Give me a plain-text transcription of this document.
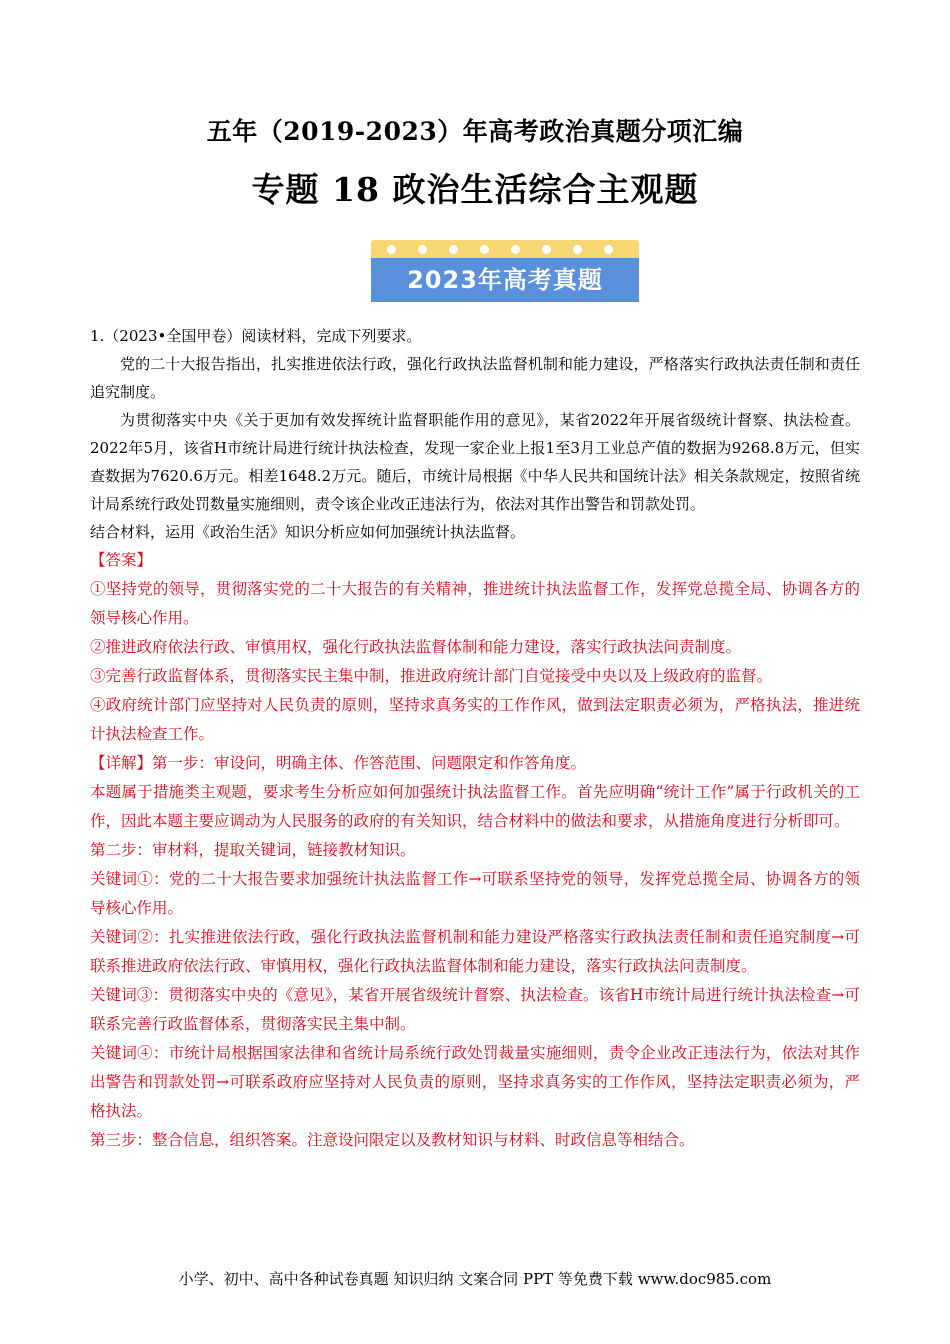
五年（2019-2023）年高考政治真题分项汇编
专题 18 政治生活综合主观题
2023年高考真题

1.（2023•全国甲卷）阅读材料，完成下列要求。

党的二十大报告指出，扎实推进依法行政，强化行政执法监督机制和能力建设，严格落实行政执法责任制和责任追究制度。

为贯彻落实中央《关于更加有效发挥统计监督职能作用的意见》，某省2022年开展省级统计督察、执法检查。2022年5月，该省H市统计局进行统计执法检查，发现一家企业上报1至3月工业总产值的数据为9268.8万元，但实查数据为7620.6万元。相差1648.2万元。随后，市统计局根据《中华人民共和国统计法》相关条款规定，按照省统计局系统行政处罚数量实施细则，责令该企业改正违法行为，依法对其作出警告和罚款处罚。

结合材料，运用《政治生活》知识分析应如何加强统计执法监督。

【答案】

①坚持党的领导，贯彻落实党的二十大报告的有关精神，推进统计执法监督工作，发挥党总揽全局、协调各方的领导核心作用。

②推进政府依法行政、审慎用权，强化行政执法监督体制和能力建设，落实行政执法问责制度。

③完善行政监督体系，贯彻落实民主集中制，推进政府统计部门自觉接受中央以及上级政府的监督。

④政府统计部门应坚持对人民负责的原则，坚持求真务实的工作作风，做到法定职责必须为，严格执法，推进统计执法检查工作。

【详解】第一步：审设问，明确主体、作答范围、问题限定和作答角度。

本题属于措施类主观题，要求考生分析应如何加强统计执法监督工作。首先应明确“统计工作”属于行政机关的工作，因此本题主要应调动为人民服务的政府的有关知识，结合材料中的做法和要求，从措施角度进行分析即可。

第二步：审材料，提取关键词，链接教材知识。

关键词①：党的二十大报告要求加强统计执法监督工作→可联系坚持党的领导，发挥党总揽全局、协调各方的领导核心作用。

关键词②：扎实推进依法行政，强化行政执法监督机制和能力建设严格落实行政执法责任制和责任追究制度→可联系推进政府依法行政、审慎用权，强化行政执法监督体制和能力建设，落实行政执法问责制度。

关键词③：贯彻落实中央的《意见》，某省开展省级统计督察、执法检查。该省H市统计局进行统计执法检查→可联系完善行政监督体系，贯彻落实民主集中制。

关键词④：市统计局根据国家法律和省统计局系统行政处罚裁量实施细则，责令企业改正违法行为，依法对其作出警告和罚款处罚→可联系政府应坚持对人民负责的原则，坚持求真务实的工作作风，坚持法定职责必须为，严格执法。

第三步：整合信息，组织答案。注意设问限定以及教材知识与材料、时政信息等相结合。

小学、初中、高中各种试卷真题 知识归纳 文案合同 PPT 等免费下载 www.doc985.com
